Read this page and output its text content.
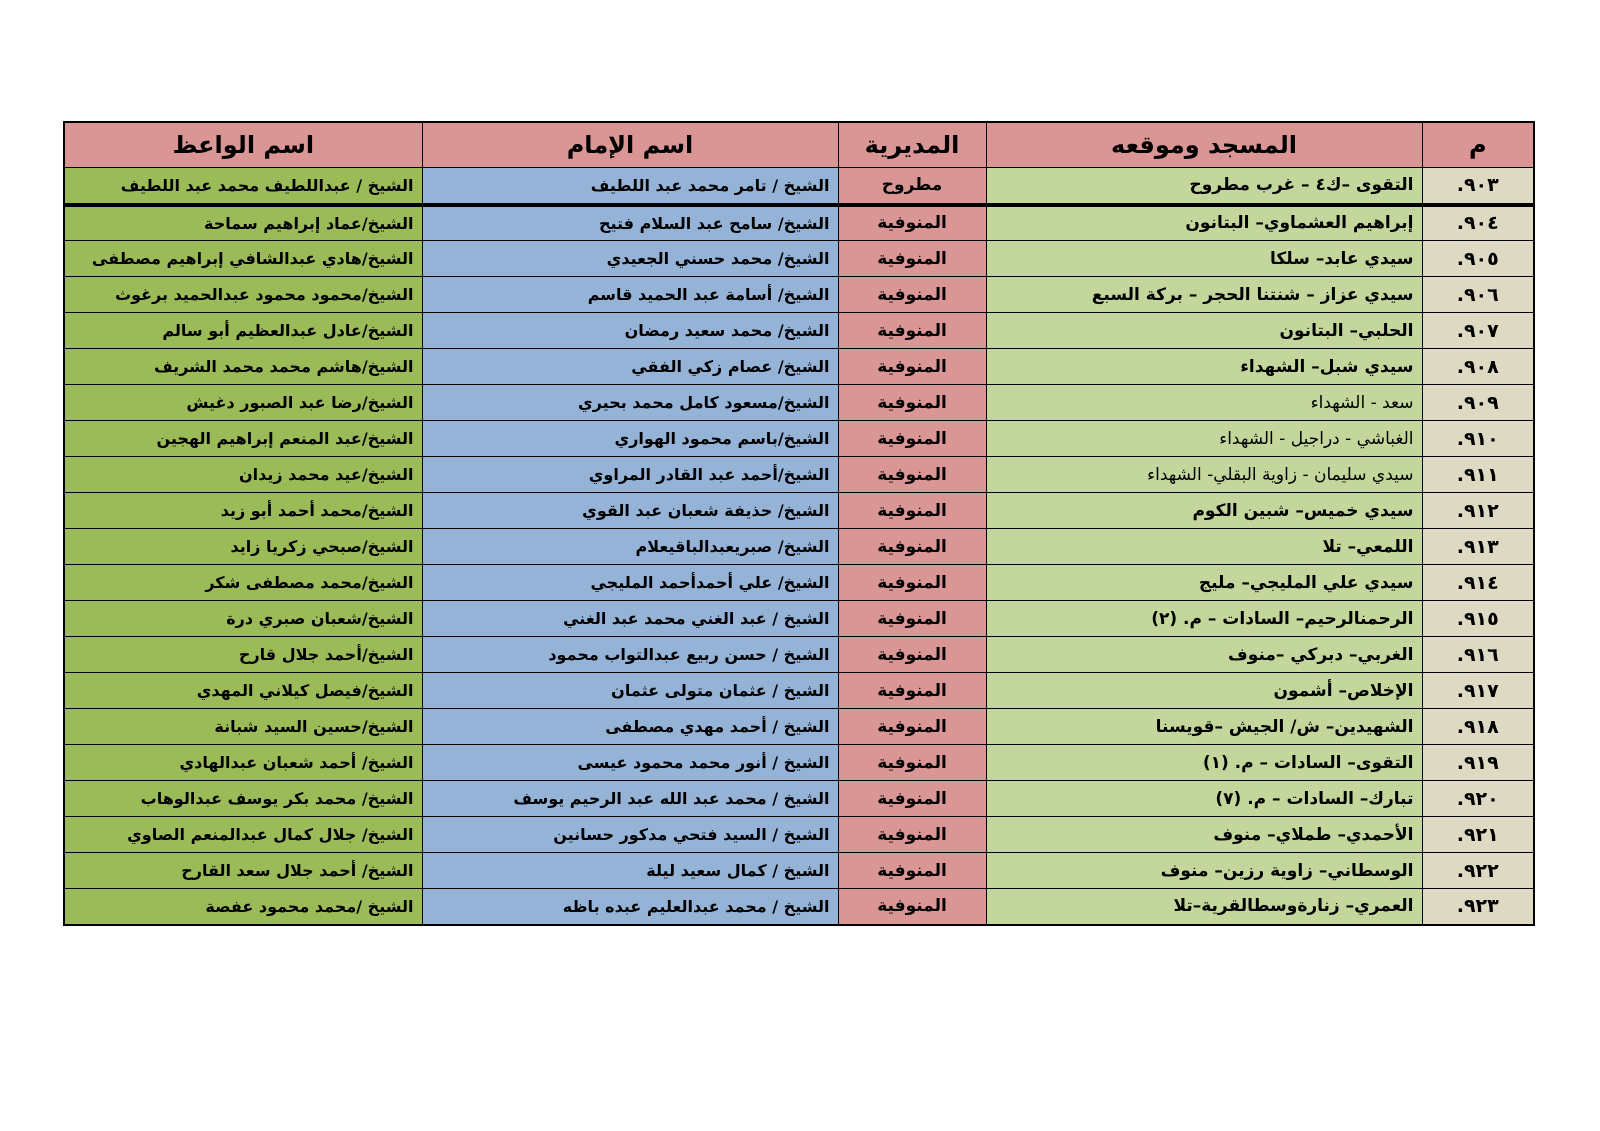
م	المسجد وموقعه	المديرية	اسم الإمام	اسم الواعظ
٩٠٣.	التقوى –ك٤ – غرب مطروح	مطروح	الشيخ / تامر محمد عبد اللطيف	الشيخ / عبداللطيف محمد عبد اللطيف
٩٠٤.	إبراهيم العشماوي– البتانون	المنوفية	الشيخ/ سامح عبد السلام فتيح	الشيخ/عماد إبراهيم سماحة
٩٠٥.	سيدي عابد– سلكا	المنوفية	الشيخ/ محمد حسني الجعيدي	الشيخ/هادي عبدالشافي إبراهيم مصطفى
٩٠٦.	سيدي عزاز – شنتنا الحجر – بركة السبع	المنوفية	الشيخ/ أسامة عبد الحميد قاسم	الشيخ/محمود محمود عبدالحميد برغوث
٩٠٧.	الحلبي– البتانون	المنوفية	الشيخ/ محمد سعيد رمضان	الشيخ/عادل عبدالعظيم أبو سالم
٩٠٨.	سيدي شبل– الشهداء	المنوفية	الشيخ/ عصام زكي الفقي	الشيخ/هاشم محمد محمد الشريف
٩٠٩.	سعد - الشهداء	المنوفية	الشيخ/مسعود كامل محمد بحيري	الشيخ/رضا عبد الصبور دغيش
٩١٠.	الغباشي - دراجيل - الشهداء	المنوفية	الشيخ/باسم محمود الهواري	الشيخ/عبد المنعم إبراهيم الهجين
٩١١.	سيدي سليمان - زاوية البقلي- الشهداء	المنوفية	الشيخ/أحمد عبد القادر المراوي	الشيخ/عيد محمد زيدان
٩١٢.	سيدي خميس– شبين الكوم	المنوفية	الشيخ/ حذيفة شعبان عبد القوي	الشيخ/محمد أحمد أبو زيد
٩١٣.	اللمعي– تلا	المنوفية	الشيخ/ صبريعبدالباقيعلام	الشيخ/صبحي زكريا زايد
٩١٤.	سيدي علي المليجي– مليج	المنوفية	الشيخ/ علي أحمدأحمد المليجي	الشيخ/محمد مصطفى شكر
٩١٥.	الرحمنالرحيم– السادات – م. (٢)	المنوفية	الشيخ / عبد الغني محمد عبد الغني	الشيخ/شعبان صبري درة
٩١٦.	الغربي– دبركي –منوف	المنوفية	الشيخ / حسن ربيع عبدالتواب محمود	الشيخ/أحمد جلال قارح
٩١٧.	الإخلاص– أشمون	المنوفية	الشيخ / عثمان متولى عثمان	الشيخ/فيصل كيلاني المهدي
٩١٨.	الشهيدين– ش/ الجيش –قويسنا	المنوفية	الشيخ / أحمد مهدي مصطفى	الشيخ/حسين السيد شبانة
٩١٩.	التقوى– السادات – م. (١)	المنوفية	الشيخ / أنور محمد محمود عيسى	الشيخ/ أحمد شعبان عبدالهادي
٩٢٠.	تبارك– السادات – م. (٧)	المنوفية	الشيخ / محمد عبد الله عبد الرحيم يوسف	الشيخ/ محمد بكر يوسف عبدالوهاب
٩٢١.	الأحمدي– طملاي– منوف	المنوفية	الشيخ / السيد فتحي مدكور حسانين	الشيخ/ جلال كمال عبدالمنعم الصاوي
٩٢٢.	الوسطاني– زاوية رزين– منوف	المنوفية	الشيخ / كمال سعيد ليلة	الشيخ/ أحمد جلال سعد القارح
٩٢٣.	العمري– زنارةوسطالقرية–تلا	المنوفية	الشيخ / محمد عبدالعليم عبده باظه	الشيخ /محمد محمود عفصة
